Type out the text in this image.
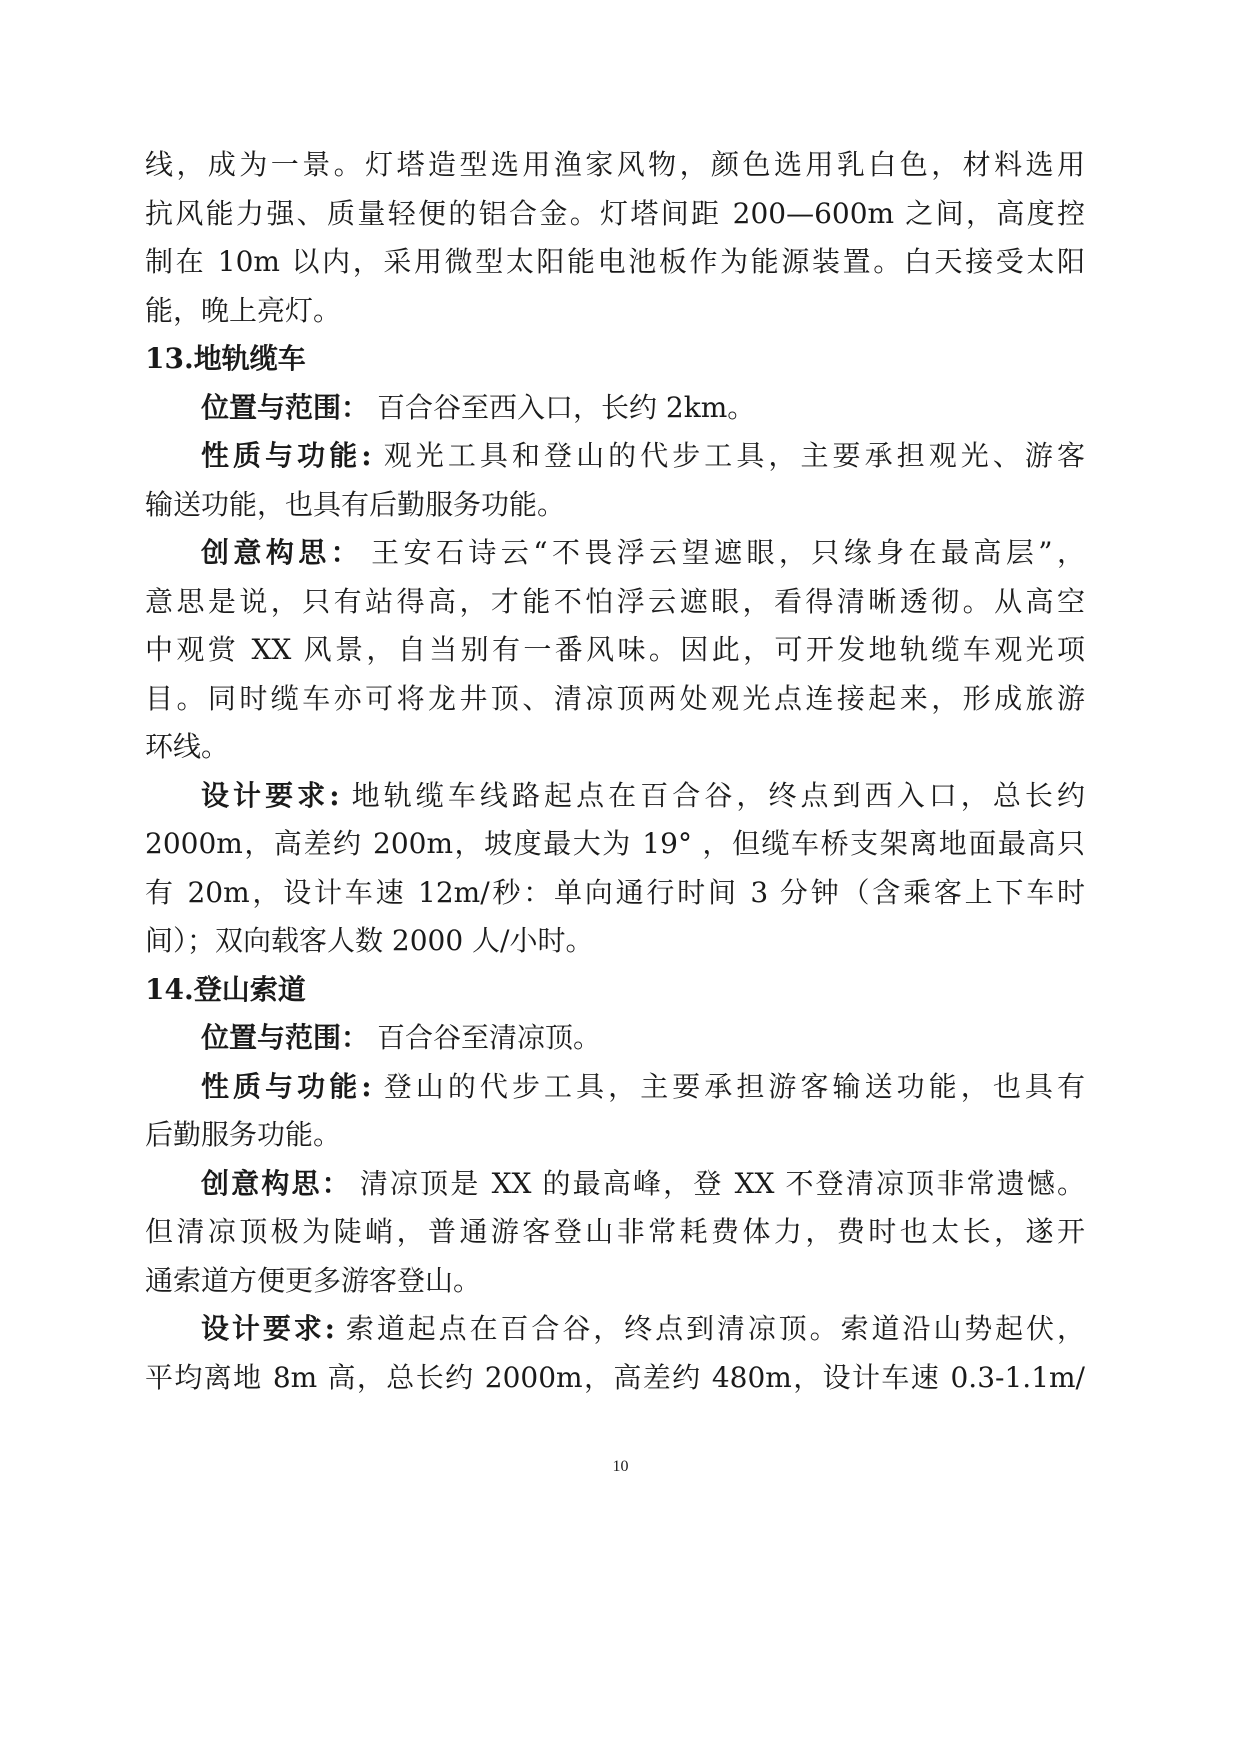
线，成为一景。灯塔造型选用渔家风物，颜色选用乳白色，材料选用
抗风能力强、质量轻便的铝合金。灯塔间距 200—600m 之间，高度控
制在 10m 以内，采用微型太阳能电池板作为能源装置。白天接受太阳
能，晚上亮灯。
13.地轨缆车
位置与范围： 百合谷至西入口，长约 2km。
性质与功能: 观光工具和登山的代步工具，主要承担观光、游客
输送功能，也具有后勤服务功能。
创意构思： 王安石诗云“不畏浮云望遮眼，只缘身在最高层”，
意思是说，只有站得高，才能不怕浮云遮眼，看得清晰透彻。从高空
中观赏 XX 风景，自当别有一番风味。因此，可开发地轨缆车观光项
目。同时缆车亦可将龙井顶、清凉顶两处观光点连接起来，形成旅游
环线。
设计要求: 地轨缆车线路起点在百合谷，终点到西入口，总长约
2000m，高差约 200m，坡度最大为 19° ，但缆车桥支架离地面最高只
有 20m，设计车速 12m/秒：单向通行时间 3 分钟（含乘客上下车时
间）；双向载客人数 2000 人/小时。
14.登山索道
位置与范围： 百合谷至清凉顶。
性质与功能: 登山的代步工具，主要承担游客输送功能，也具有
后勤服务功能。
创意构思： 清凉顶是 XX 的最高峰，登 XX 不登清凉顶非常遗憾。
但清凉顶极为陡峭，普通游客登山非常耗费体力，费时也太长，遂开
通索道方便更多游客登山。
设计要求: 索道起点在百合谷，终点到清凉顶。索道沿山势起伏，
平均离地 8m 高，总长约 2000m，高差约 480m，设计车速 0.3-1.1m/
10
